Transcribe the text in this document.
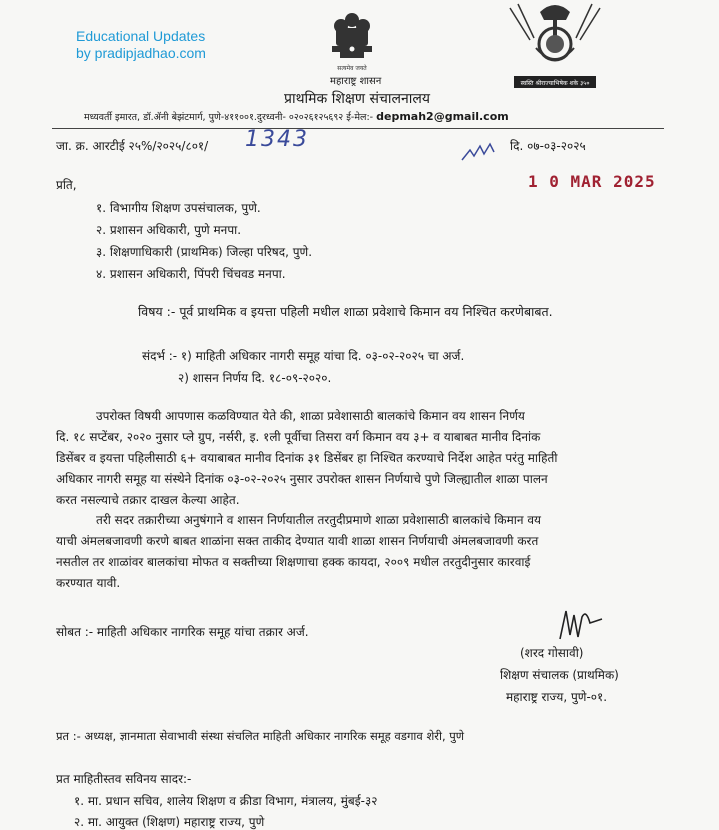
Educational Updates
by pradipjadhao.com
सत्यमेव जयते
स्वस्ति श्रीराज्याभिषेक शके ३५०
महाराष्ट्र शासन
प्राथमिक शिक्षण संचालनालय
मध्यवर्ती इमारत, डॉ.ॲनी बेझंटमार्ग, पुणे-४११००१.दुरध्वनी- ०२०२६१२५६९२ ई-मेल:- depmah2@gmail.com
जा. क्र. आरटीई २५%/२०२५/८०१/ 1343	दि. ०७-०३-२०२५
1 0 MAR 2025
प्रति,
१. विभागीय शिक्षण उपसंचालक, पुणे.
२. प्रशासन अधिकारी, पुणे मनपा.
३. शिक्षणाधिकारी (प्राथमिक) जिल्हा परिषद, पुणे.
४. प्रशासन अधिकारी, पिंपरी चिंचवड मनपा.
विषय :- पूर्व प्राथमिक व इयत्ता पहिली मधील शाळा प्रवेशाचे किमान वय निश्चित करणेबाबत.
संदर्भ :- १) माहिती अधिकार नागरी समूह यांचा दि. ०३-०२-२०२५ चा अर्ज.
२) शासन निर्णय दि. १८-०९-२०२०.
उपरोक्त विषयी आपणास कळविण्यात येते की, शाळा प्रवेशासाठी बालकांचे किमान वय शासन निर्णय
दि. १८ सप्टेंबर, २०२० नुसार प्ले ग्रुप, नर्सरी, इ. १ली पूर्वीचा तिसरा वर्ग किमान वय ३+ व याबाबत मानीव दिनांक
डिसेंबर व इयत्ता पहिलीसाठी ६+ वयाबाबत मानीव दिनांक ३१ डिसेंबर हा निश्चित करण्याचे निर्देश आहेत परंतु माहिती
अधिकार नागरी समूह या संस्थेने दिनांक ०३-०२-२०२५ नुसार उपरोक्त शासन निर्णयाचे पुणे जिल्ह्यातील शाळा पालन
करत नसल्याचे तक्रार दाखल केल्या आहेत.
तरी सदर तक्रारीच्या अनुषंगाने व शासन निर्णयातील तरतुदीप्रमाणे शाळा प्रवेशासाठी बालकांचे किमान वय
याची अंमलबजावणी करणे बाबत शाळांना सक्त ताकीद देण्यात यावी शाळा शासन निर्णयाची अंमलबजावणी करत
नसतील तर शाळांवर बालकांचा मोफत व सक्तीच्या शिक्षणाचा हक्क कायदा, २००९ मधील तरतुदीनुसार कारवाई
करण्यात यावी.
सोबत :- माहिती अधिकार नागरिक समूह यांचा तक्रार अर्ज.
(शरद गोसावी)
शिक्षण संचालक (प्राथमिक)
महाराष्ट्र राज्य, पुणे-०१.
प्रत :- अध्यक्ष, ज्ञानमाता सेवाभावी संस्था संचलित माहिती अधिकार नागरिक समूह वडगाव शेरी, पुणे
प्रत माहितीस्तव सविनय सादर:-
१. मा. प्रधान सचिव, शालेय शिक्षण व क्रीडा विभाग, मंत्रालय, मुंबई-३२
२. मा. आयुक्त (शिक्षण) महाराष्ट्र राज्य, पुणे
